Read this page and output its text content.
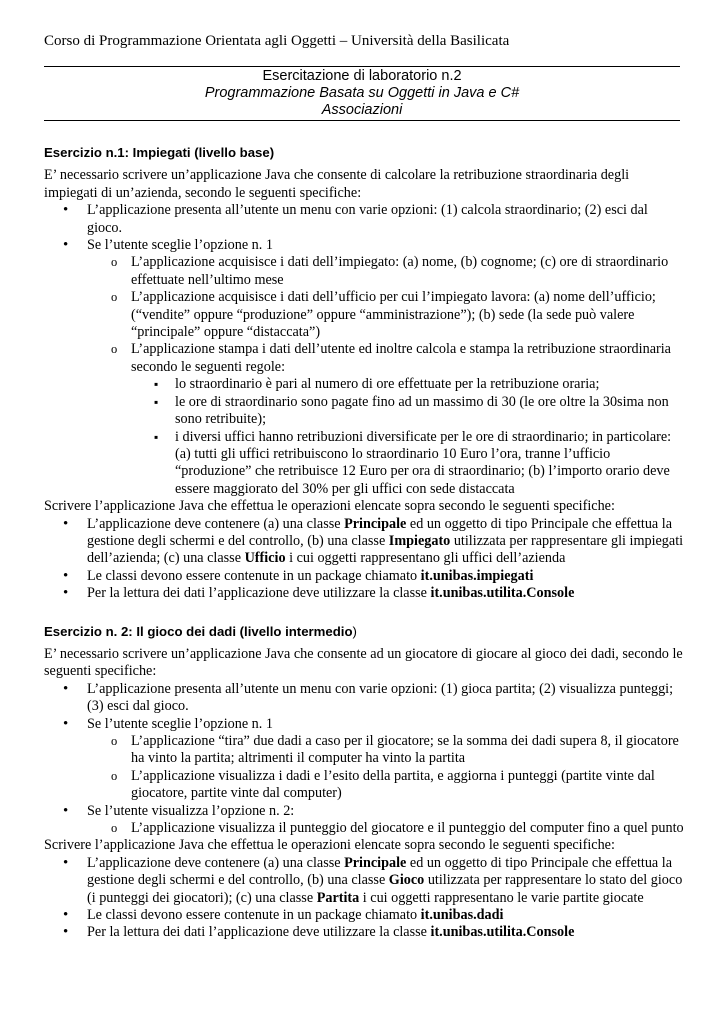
Corso di Programmazione Orientata agli Oggetti – Università della Basilicata
Esercitazione di laboratorio n.2
Programmazione Basata su Oggetti in Java e C#
Associazioni
Esercizio n.1: Impiegati (livello base)

E’ necessario scrivere un’applicazione Java che consente di calcolare la retribuzione straordinaria degli impiegati di un’azienda, secondo le seguenti specifiche:

• L’applicazione presenta all’utente un menu con varie opzioni: (1) calcola straordinario; (2) esci dal gioco.
• Se l’utente sceglie l’opzione n. 1
o L’applicazione acquisisce i dati dell’impiegato: (a) nome, (b) cognome; (c) ore di straordinario effettuate nell’ultimo mese
o L’applicazione acquisisce i dati dell’ufficio per cui l’impiegato lavora: (a) nome dell’ufficio; (“vendite” oppure “produzione” oppure “amministrazione”); (b) sede (la sede può valere “principale” oppure “distaccata”)
o L’applicazione stampa i dati dell’utente ed inoltre calcola e stampa la retribuzione straordinaria secondo le seguenti regole:
▪ lo straordinario è pari al numero di ore effettuate per la retribuzione oraria;
▪ le ore di straordinario sono pagate fino ad un massimo di 30 (le ore oltre la 30sima non sono retribuite);
▪ i diversi uffici hanno retribuzioni diversificate per le ore di straordinario; in particolare: (a) tutti gli uffici retribuiscono lo straordinario 10 Euro l’ora, tranne l’ufficio “produzione” che retribuisce 12 Euro per ora di straordinario; (b) l’importo orario deve essere maggiorato del 30% per gli uffici con sede distaccata

Scrivere l’applicazione Java che effettua le operazioni elencate sopra secondo le seguenti specifiche:

• L’applicazione deve contenere (a) una classe Principale ed un oggetto di tipo Principale che effettua la gestione degli schermi e del controllo, (b) una classe Impiegato utilizzata per rappresentare gli impiegati dell’azienda; (c) una classe Ufficio i cui oggetti rappresentano gli uffici dell’azienda
• Le classi devono essere contenute in un package chiamato it.unibas.impiegati
• Per la lettura dei dati l’applicazione deve utilizzare la classe it.unibas.utilita.Console
Esercizio n. 2: Il gioco dei dadi (livello intermedio)

E’ necessario scrivere un’applicazione Java che consente ad un giocatore di giocare al gioco dei dadi, secondo le seguenti specifiche:

• L’applicazione presenta all’utente un menu con varie opzioni: (1) gioca partita; (2) visualizza punteggi; (3) esci dal gioco.
• Se l’utente sceglie l’opzione n. 1
o L’applicazione “tira” due dadi a caso per il giocatore; se la somma dei dadi supera 8, il giocatore ha vinto la partita; altrimenti il computer ha vinto la partita
o L’applicazione visualizza i dadi e l’esito della partita, e aggiorna i punteggi (partite vinte dal giocatore, partite vinte dal computer)
• Se l’utente visualizza l’opzione n. 2:
o L’applicazione visualizza il punteggio del giocatore e il punteggio del computer fino a quel punto

Scrivere l’applicazione Java che effettua le operazioni elencate sopra secondo le seguenti specifiche:

• L’applicazione deve contenere (a) una classe Principale ed un oggetto di tipo Principale che effettua la gestione degli schermi e del controllo, (b) una classe Gioco utilizzata per rappresentare lo stato del gioco (i punteggi dei giocatori); (c) una classe Partita i cui oggetti rappresentano le varie partite giocate
• Le classi devono essere contenute in un package chiamato it.unibas.dadi
• Per la lettura dei dati l’applicazione deve utilizzare la classe it.unibas.utilita.Console
